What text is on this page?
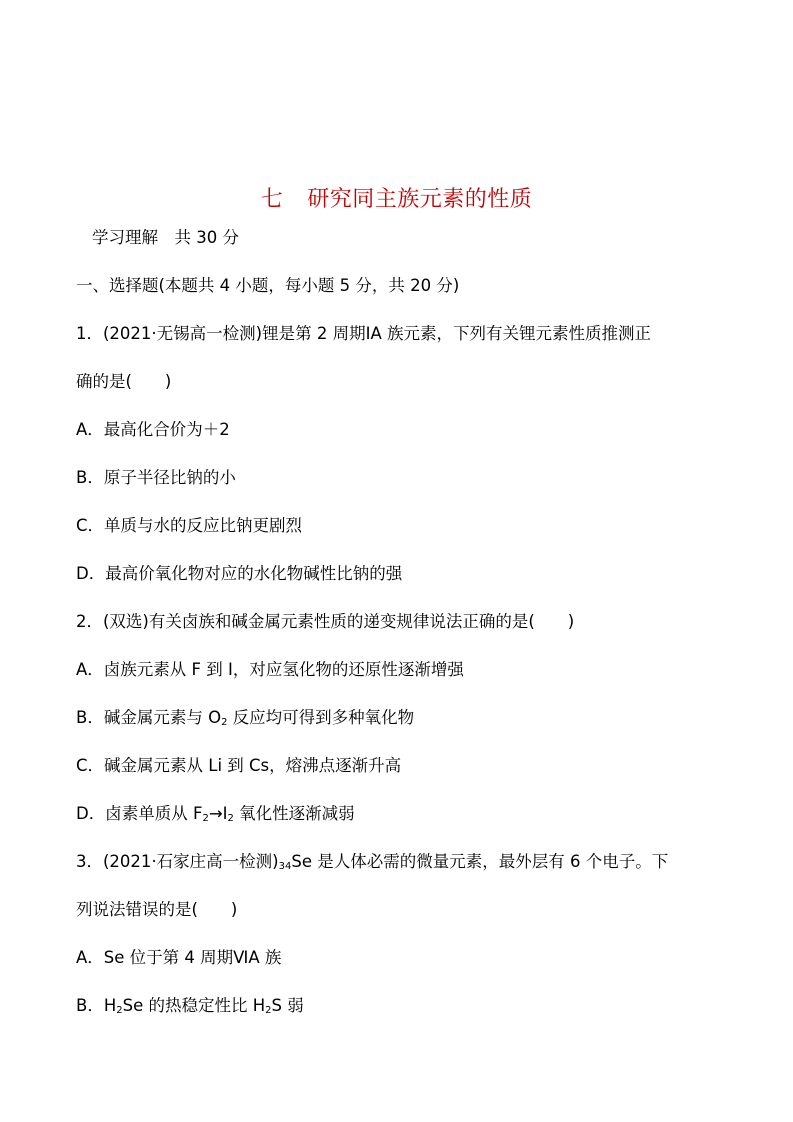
七 研究同主族元素的性质
学习理解　共 30 分
一、选择题(本题共 4 小题，每小题 5 分，共 20 分)
1．(2021·无锡高一检测)锂是第 2 周期ⅠA 族元素，下列有关锂元素性质推测正
确的是(　　)
A．最高化合价为＋2
B．原子半径比钠的小
C．单质与水的反应比钠更剧烈
D．最高价氧化物对应的水化物碱性比钠的强
2．(双选)有关卤族和碱金属元素性质的递变规律说法正确的是(　　)
A．卤族元素从 F 到 I，对应氢化物的还原性逐渐增强
B．碱金属元素与 $O_2$ 反应均可得到多种氧化物
C．碱金属元素从 Li 到 Cs，熔沸点逐渐升高
D．卤素单质从 $F_2\to I_2$ 氧化性逐渐减弱
3．(2021·石家庄高一检测)34Se 是人体必需的微量元素，最外层有 6 个电子。下
列说法错误的是(　　)
A．Se 位于第 4 周期ⅥA 族
B．$H_2Se$ 的热稳定性比 $H_2S$ 弱
